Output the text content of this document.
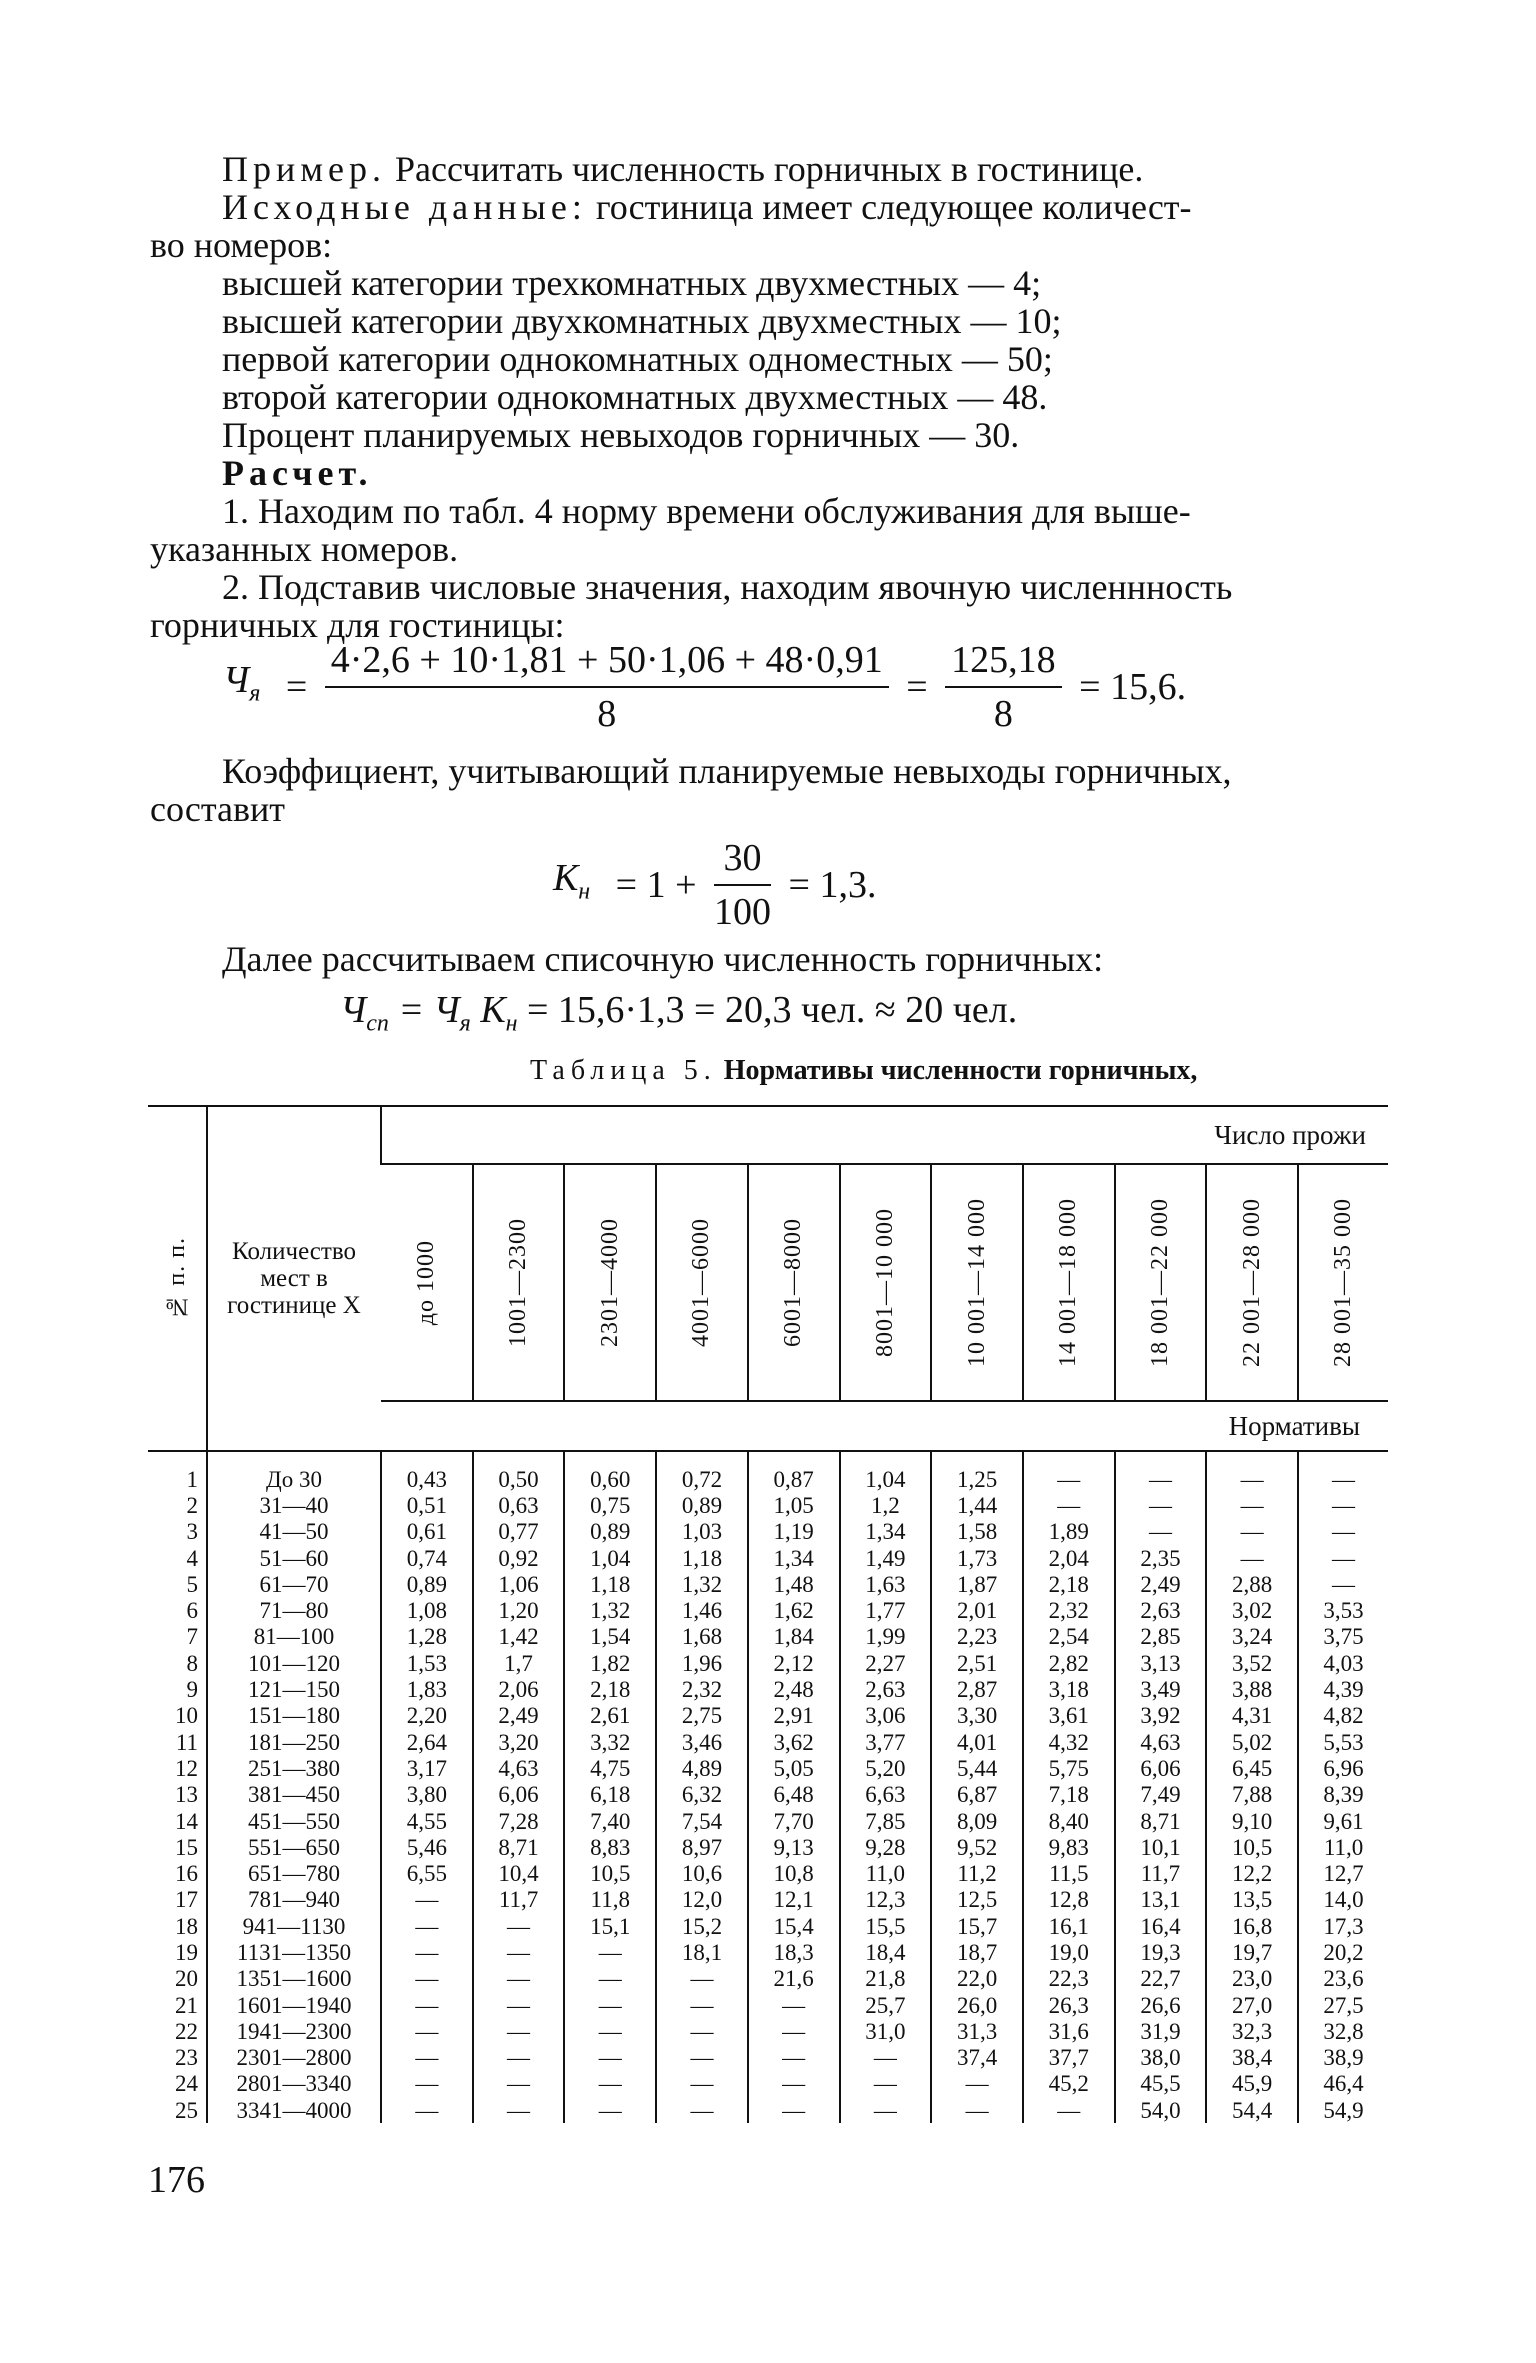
Пример. Рассчитать численность горничных в гостинице.
Исходные данные: гостиница имеет следующее количест-
во номеров:
высшей категории трехкомнатных двухместных — 4;
высшей категории двухкомнатных двухместных — 10;
первой категории однокомнатных одноместных — 50;
второй категории однокомнатных двухместных — 48.
Процент планируемых невыходов горничных — 30.
Расчет.
1. Находим по табл. 4 норму времени обслуживания для выше-
указанных номеров.
2. Подставив числовые значения, находим явочную численнность
горничных для гостиницы:
$Ч_я = \frac{4\cdot 2,6 + 10\cdot 1,81 + 50\cdot 1,06 + 48\cdot 0,91}{8} = \frac{125,18}{8} = 15,6$.
Коэффициент, учитывающий планируемые невыходы горничных,
составит
$К_н = 1 + \frac{30}{100} = 1,3$.
Далее рассчитываем списочную численность горничных:
$Ч_{сп} = Ч_я$ $К_н = 15,6\cdot 1,3 = 20,3$ чел. ≈ 20 чел.
Таблица 5. Нормативы численности горничных,
№ п. п.	Количество мест в гостинице X	Число прожи										

		до 1000	1001—2300	2301—4000	4001—6000	6001—8000	8001—10 000	10 001—14 000	14 001—18 000	18 001—22 000	22 001—28 000	28 001—35 000

		Нормативы										
1	До 30	0,43	0,50	0,60	0,72	0,87	1,04	1,25	—	—	—	—
2	31—40	0,51	0,63	0,75	0,89	1,05	1,2	1,44	—	—	—	—
3	41—50	0,61	0,77	0,89	1,03	1,19	1,34	1,58	1,89	—	—	—
4	51—60	0,74	0,92	1,04	1,18	1,34	1,49	1,73	2,04	2,35	—	—
5	61—70	0,89	1,06	1,18	1,32	1,48	1,63	1,87	2,18	2,49	2,88	—
6	71—80	1,08	1,20	1,32	1,46	1,62	1,77	2,01	2,32	2,63	3,02	3,53
7	81—100	1,28	1,42	1,54	1,68	1,84	1,99	2,23	2,54	2,85	3,24	3,75
8	101—120	1,53	1,7	1,82	1,96	2,12	2,27	2,51	2,82	3,13	3,52	4,03
9	121—150	1,83	2,06	2,18	2,32	2,48	2,63	2,87	3,18	3,49	3,88	4,39
10	151—180	2,20	2,49	2,61	2,75	2,91	3,06	3,30	3,61	3,92	4,31	4,82
11	181—250	2,64	3,20	3,32	3,46	3,62	3,77	4,01	4,32	4,63	5,02	5,53
12	251—380	3,17	4,63	4,75	4,89	5,05	5,20	5,44	5,75	6,06	6,45	6,96
13	381—450	3,80	6,06	6,18	6,32	6,48	6,63	6,87	7,18	7,49	7,88	8,39
14	451—550	4,55	7,28	7,40	7,54	7,70	7,85	8,09	8,40	8,71	9,10	9,61
15	551—650	5,46	8,71	8,83	8,97	9,13	9,28	9,52	9,83	10,1	10,5	11,0
16	651—780	6,55	10,4	10,5	10,6	10,8	11,0	11,2	11,5	11,7	12,2	12,7
17	781—940	—	11,7	11,8	12,0	12,1	12,3	12,5	12,8	13,1	13,5	14,0
18	941—1130	—	—	15,1	15,2	15,4	15,5	15,7	16,1	16,4	16,8	17,3
19	1131—1350	—	—	—	18,1	18,3	18,4	18,7	19,0	19,3	19,7	20,2
20	1351—1600	—	—	—	—	21,6	21,8	22,0	22,3	22,7	23,0	23,6
21	1601—1940	—	—	—	—	—	25,7	26,0	26,3	26,6	27,0	27,5
22	1941—2300	—	—	—	—	—	31,0	31,3	31,6	31,9	32,3	32,8
23	2301—2800	—	—	—	—	—	—	37,4	37,7	38,0	38,4	38,9
24	2801—3340	—	—	—	—	—	—	—	45,2	45,5	45,9	46,4
25	3341—4000	—	—	—	—	—	—	—	—	54,0	54,4	54,9
176
